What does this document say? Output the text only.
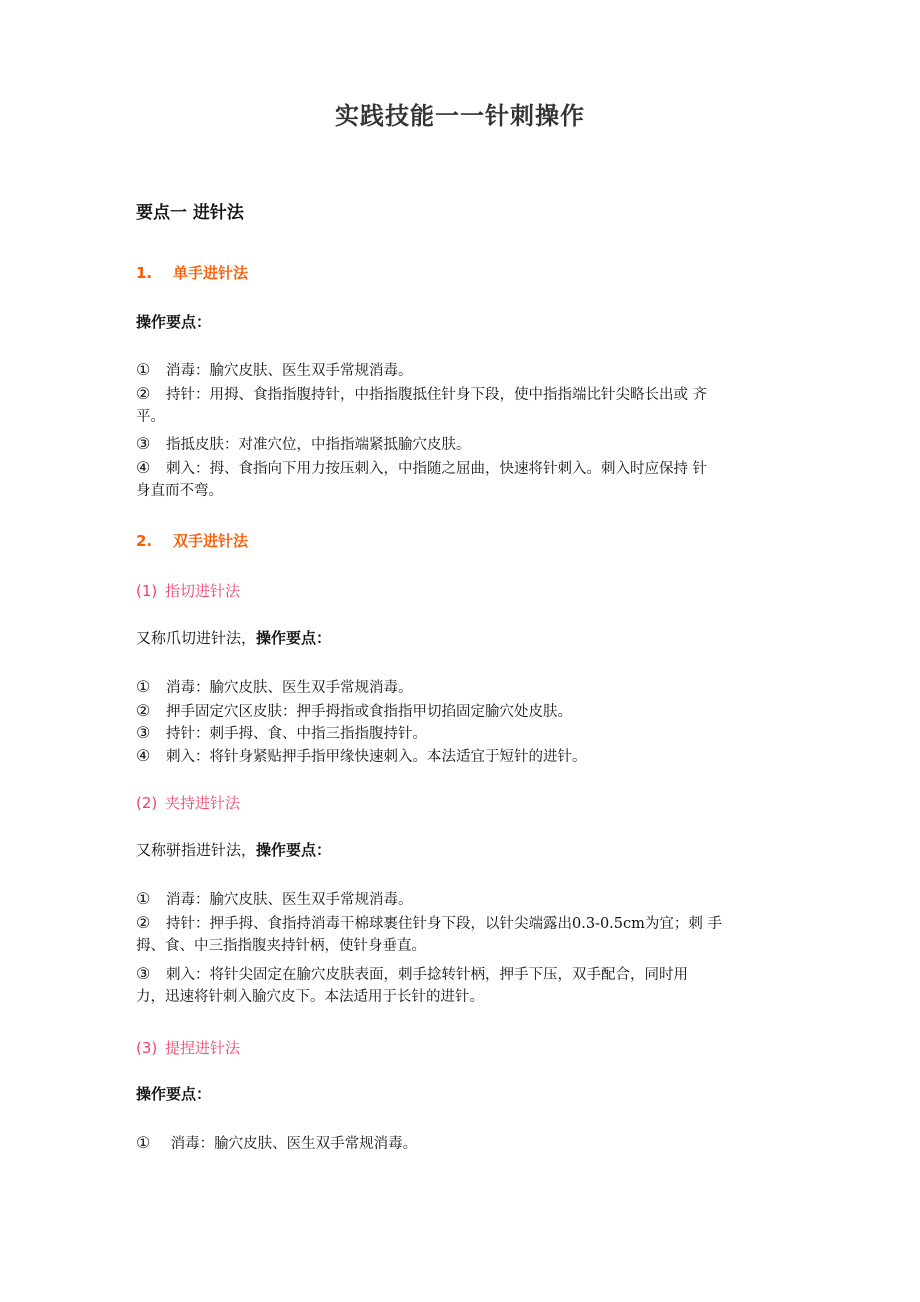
实践技能一一针刺操作
要点一 进针法
1. 单手进针法
操作要点：
① 消毒：腧穴皮肤、医生双手常规消毒。
② 持针：用拇、食指指腹持针，中指指腹抵住针身下段，使中指指端比针尖略长出或 齐
平。
③ 指抵皮肤：对准穴位，中指指端紧抵腧穴皮肤。
④ 刺入：拇、食指向下用力按压刺入，中指随之屈曲，快速将针刺入。刺入时应保持 针
身直而不弯。
2. 双手进针法
(1) 指切进针法
又称爪切进针法，操作要点：
① 消毒：腧穴皮肤、医生双手常规消毒。
② 押手固定穴区皮肤：押手拇指或食指指甲切掐固定腧穴处皮肤。
③ 持针：刺手拇、食、中指三指指腹持针。
④ 刺入：将针身紧贴押手指甲缘快速刺入。本法适宜于短针的进针。
(2) 夹持进针法
又称骈指进针法，操作要点：
① 消毒：腧穴皮肤、医生双手常规消毒。
② 持针：押手拇、食指持消毒干棉球裹住针身下段，以针尖端露出0.3-0.5cm为宜；刺 手
拇、食、中三指指腹夹持针柄，使针身垂直。
③ 刺入：将针尖固定在腧穴皮肤表面，刺手捻转针柄，押手下压，双手配合，同时用
力，迅速将针刺入腧穴皮下。本法适用于长针的进针。
(3) 提捏进针法
操作要点：
① 消毒：腧穴皮肤、医生双手常规消毒。
